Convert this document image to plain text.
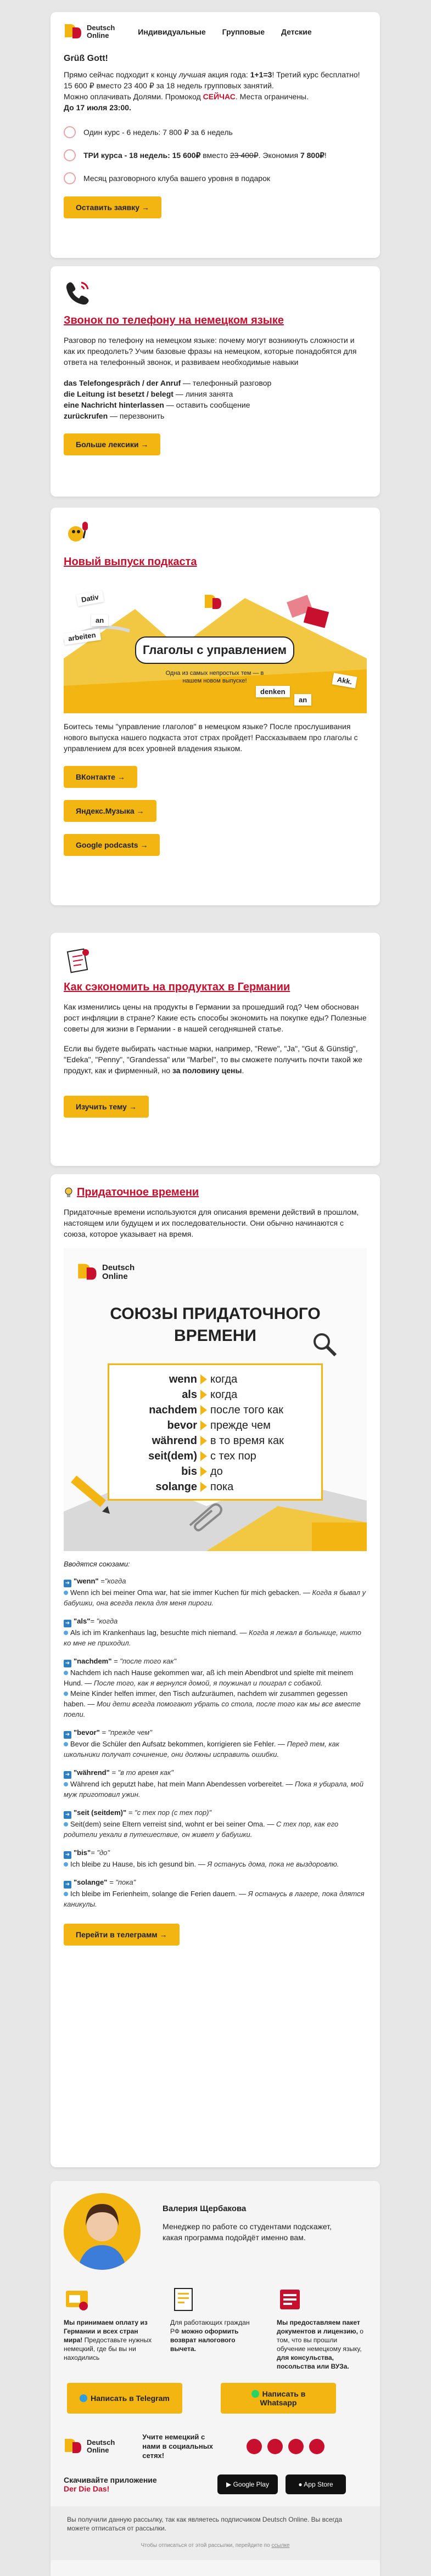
Deutsch
Online	Индивидуальные Групповые Детские
Grüß Gott!

Прямо сейчас подходит к концу лучшая акция года: 1+1=3! Третий курс бесплатно!

15 600 ₽ вместо 23 400 ₽ за 18 недель групповых занятий.

Можно оплачивать Долями. Промокод СЕЙЧАС. Места ограничены.

До 17 июля 23:00.

Один курс - 6 недель: 7 800 ₽ за 6 недель
ТРИ курса - 18 недель: 15 600₽ вместо 23 400₽. Экономия 7 800₽!
Месяц разговорного клуба вашего уровня в подарок
Оставить заявку →
Звонок по телефону на немецком языке

Разговор по телефону на немецком языке: почему могут возникнуть сложности и как их преодолеть? Учим базовые фразы на немецком, которые понадобятся для ответа на телефонный звонок, и развиваем необходимые навыки

das Telefongespräch / der Anruf — телефонный разговор

die Leitung ist besetzt / belegt — линия занята

eine Nachricht hinterlassen — оставить сообщение

zurückrufen — перезвонить

Больше лексики →
Новый выпуск подкаста
Dativ
an
arbeiten
Глаголы с управлением
Одна из самых непростых тем — в нашем новом выпуске!
denken
an
Akk.

Боитесь темы "управление глаголов" в немецком языке? После прослушивания нового выпуска нашего подкаста этот страх пройдет! Рассказываем про глаголы с управлением для всех уровней владения языком.

ВКонтакте →
Яндекс.Музыка →
Google podcasts →
Как сэкономить на продуктах в Германии

Как изменились цены на продукты в Германии за прошедший год? Чем обоснован рост инфляции в стране? Какие есть способы экономить на покупке еды? Полезные советы для жизни в Германии - в нашей сегодняшней статье.

Если вы будете выбирать частные марки, например, "Rewe", "Ja", "Gut & Günstig", "Edeka", "Penny", "Grandessa" или "Marbel", то вы сможете получить почти такой же продукт, как и фирменный, но за половину цены.

Изучить тему →
Придаточное времени

Придаточные времени используются для описания времени действий в прошлом, настоящем или будущем и их последовательности. Они обычно начинаются с союза, которое указывает на время.

Deutsch
Online
СОЮЗЫ ПРИДАТОЧНОГО ВРЕМЕНИ
wenn когда
als когда
nachdem после того как
bevor прежде чем
während в то время как
seit(dem) с тех пор
bis до
solange пока
Вводятся союзами:
➜ "wenn" ="когда
Wenn ich bei meiner Oma war, hat sie immer Kuchen für mich gebacken. — Когда я бывал у бабушки, она всегда пекла для меня пироги.
➜ "als"= "когда
Als ich im Krankenhaus lag, besuchte mich niemand. — Когда я лежал в больнице, никто ко мне не приходил.
➜ "nachdem" = "после того как"
Nachdem ich nach Hause gekommen war, aß ich mein Abendbrot und spielte mit meinem Hund. — После того, как я вернулся домой, я поужинал и поиграл с собакой.
Meine Kinder helfen immer, den Tisch aufzuräumen, nachdem wir zusammen gegessen haben. — Мои дети всегда помогают убрать со стола, после того как мы все вместе поели.
➜ "bevor" = "прежде чем"
Bevor die Schüler den Aufsatz bekommen, korrigieren sie Fehler. — Перед тем, как школьники получат сочинение, они должны исправить ошибки.
➜ "während" = "в то время как"
Während ich geputzt habe, hat mein Mann Abendessen vorbereitet. — Пока я убирала, мой муж приготовил ужин.
➜ "seit (seitdem)" = "с тех пор (с тех пор)"
Seit(dem) seine Eltern verreist sind, wohnt er bei seiner Oma. — С тех пор, как его родители уехали в путешествие, он живет у бабушки.
➜ "bis"= "до"
Ich bleibe zu Hause, bis ich gesund bin. — Я останусь дома, пока не выздоровлю.
➜ "solange" = "пока"
Ich bleibe im Ferienheim, solange die Ferien dauern. — Я останусь в лагере, пока длятся каникулы.
Перейти в телеграмм →
Валерия Щербакова

Менеджер по работе со студентами подскажет, какая программа подойдёт именно вам.

Мы принимаем оплату из Германии и всех стран мира! Предоставьте нужных немецкий, где бы вы ни находились

Для работающих граждан РФ можно оформить возврат налогового вычета.

Мы предоставляем пакет документов и лицензию, о том, что вы прошли обучение немецкому языку, для консульства, посольства или ВУЗа.

Написать в Telegram	Написать в Whatsapp
Deutsch
Online
Учите немецкий с нами в социальных сетях!
Скачивайте приложение
Der Die Das!	▶ Google Play	● App Store

Вы получили данную рассылку, так как являетесь подписчиком Deutsch Online. Вы всегда можете отписаться от рассылки.

Чтобы отписаться от этой рассылки, перейдите по ссылке
